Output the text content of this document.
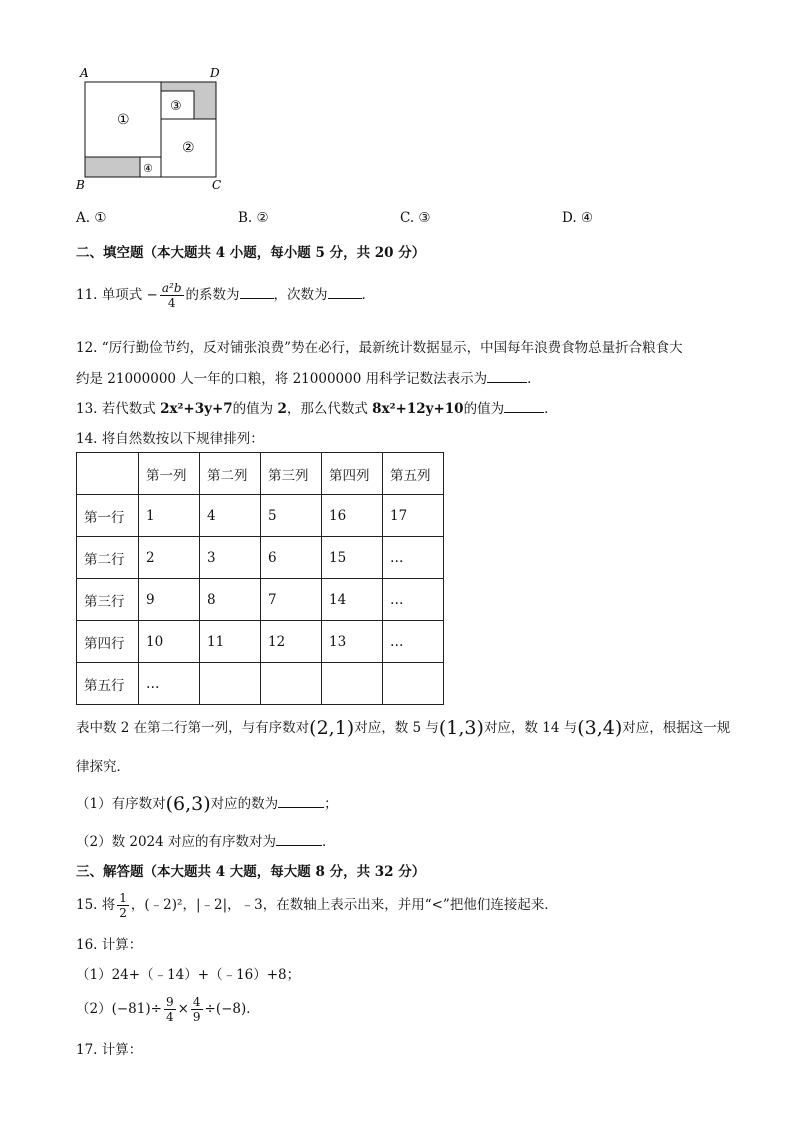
A	D
B	C
①
②
③
④
A. ①	B. ②	C. ③	D. ④
二、填空题（本大题共 4 小题，每小题 5 分，共 20 分）
11. 单项式 − $\frac{\text{a²b}}{4}$ 的系数为	，次数为	．
12. “厉行勤俭节约，反对铺张浪费”势在必行，最新统计数据显示，中国每年浪费食物总量折合粮食大
约是 21000000 人一年的口粮，将 21000000 用科学记数法表示为	．
13. 若代数式 2x²+3y+7的值为 2，那么代数式 8x²+12y+10的值为	．
14. 将自然数按以下规律排列：
	第一列	第二列	第三列	第四列	第五列
第一行	1	4	5	16	17
第二行	2	3	6	15	…
第三行	9	8	7	14	…
第四行	10	11	12	13	…
第五行	…				
表中数 2 在第二行第一列，与有序数对(2,1)对应，数 5 与(1,3)对应，数 14 与(3,4)对应，根据这一规
律探究．
（1）有序数对(6,3)对应的数为	；
（2）数 2024 对应的有序数对为	．
三、解答题（本大题共 4 大题，每大题 8 分，共 32 分）
15. 将 $\frac{1}{2}$ ，(﹣2)²，|﹣2|，﹣3，在数轴上表示出来，并用“<”把他们连接起来．
16. 计算：
（1）24+（﹣14）+（﹣16）+8；
$(2)(-81)\div \frac{9}{4} \times \frac{4}{9} \div(-8)$．
17. 计算：
